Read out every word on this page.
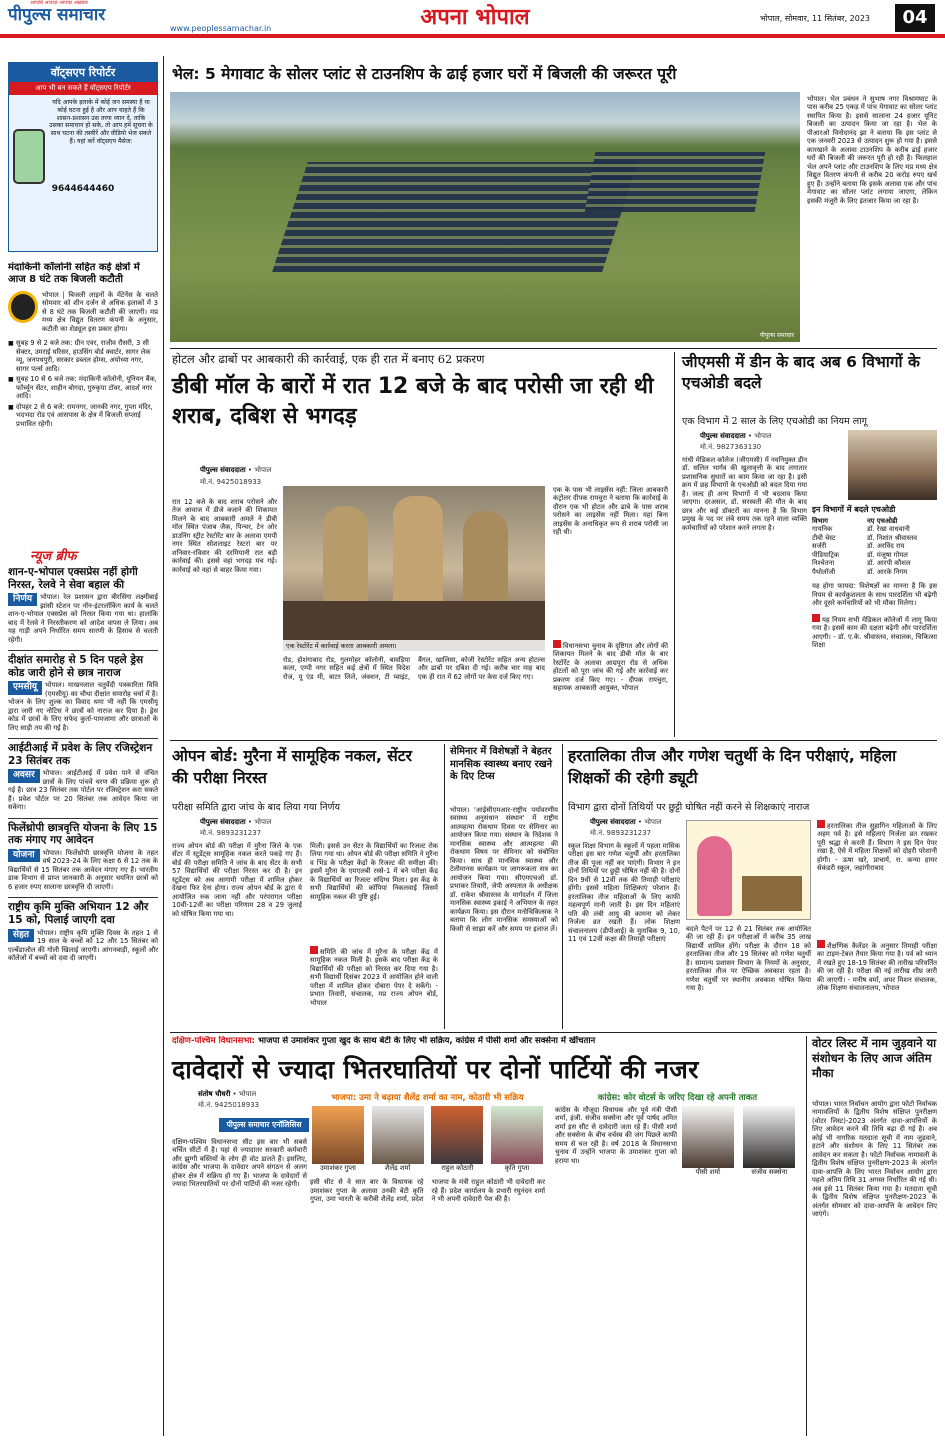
पीपुल्स समाचार
आपकी आवाज़ आपका अख़बार
www.peoplessamachar.in	अपना भोपाल	भोपाल, सोमवार, 11 सितंबर, 2023	04
वॉट्सएप रिपोर्टर
आप भी बन सकते हैं वॉट्सएप रिपोर्टर
यदि आपके इलाके में कोई जन समस्या है या कोई घटना हुई है और आप चाहते हैं कि शासन-प्रशासन उस तरफ ध्यान दे, ताकि उसका समाधान हो सके, तो आप हमें सूचना के साथ घटना की तस्वीरें और वीडियो भेज सकते हैं। यहां करें वॉट्सएप मैसेज:
9644644460
मंदाकिनी कॉलोनी सहित कई क्षेत्रों में आज 8 घंटे तक बिजली कटौती
भोपाल | बिजली लाइनों के मेंटेनेंस के चलते सोमवार को शीन दर्जन से अधिक इलाकों में 3 से 8 घंटे तक बिजली कटौती की जाएगी। मप्र मध्य क्षेत्र विद्युत वितरण कंपनी के अनुसार, कटौती का शेड्यूल इस प्रकार होगा।
■ सुबह 9 से 2 बजे तक: ग्रीन एवर, राजीव रौसरी, 3 सी सेक्टर, उमराई घरिसर, हाउसिंग बोर्ड क्वार्टर, सागर लेक व्यू, जनपथपुरी, सरकार डब्लल होम्स, अयोध्या नगर, सागर पर्ल्स आदि।
■ सुबह 10 से 6 बजे तक: मंदाकिनी कॉलोनी, यूनियन बैंक, फॉर्च्यून सेंटर, शाहीन बोगदा, गुरुकृपा टॉवर, आदर्श नगर आदि।
■ दोपहर 2 से 6 बजे: रामनगर, जानकी नगर, गुप्ता मंदिर, भदभदा रोड एवं आसपास के क्षेत्र में बिजली सप्लाई प्रभावित रहेगी।
न्यूज ब्रीफ
शान-ए-भोपाल एक्सप्रेस नहीं होगी निरस्त, रेलवे ने सेवा बहाल की
निर्णय	भोपाल। रेल प्रशासन द्वारा बीरसिंगा लक्ष्मीबाई झांसी स्टेशन पर नॉन-इंटरलॉकिंग कार्य के चलते शान-ए-भोपाल एक्सप्रेस को निरस्त किया गया था। हालांकि बाद में रेलवे ने निरस्तीकरण को आदेश वापस ले लिया। अब यह गाड़ी अपने निर्धारित समय सारणी के हिसाब से चलती रहेगी।
दीक्षांत समारोह से 5 दिन पहले ड्रेस कोड जारी होने से छात्र नाराज
एमसीयू	भोपाल। माखनलाल चतुर्वेदी पत्रकारिता विवि (एमसीयू) का चौथा दीक्षांत समारोह चर्चा में है। भोजन के लिए शुल्क का विवाद थमा भी नहीं कि एमसीयू द्वारा जारी नए नोटिस ने छात्रों को नाराज कर दिया है। ड्रेस कोड में छात्रों के लिए सफेद कुर्ता-पायजामा और छात्राओं के लिए साड़ी तय की गई है।
आईटीआई में प्रवेश के लिए रजिस्ट्रेशन 23 सितंबर तक
अवसर	भोपाल। आईटीआई में प्रवेश पाने से वंचित छात्रों के लिए पांचवें चरण की प्रक्रिया शुरू हो गई है। छात्र 23 सितंबर तक पोर्टल पर रजिस्ट्रेशन करा सकते हैं। प्रवेश पोर्टल पर 20 सितंबर तक आवेदन किया जा सकेगा।
फिलेंथ्रोपी छात्रवृत्ति योजना के लिए 15 तक मंगाए गए आवेदन
योजना	भोपाल। फिलेंथ्रोपी छात्रवृत्ति योजना के तहत वर्ष 2023-24 के लिए कक्षा 6 से 12 तक के विद्यार्थियों से 15 सितंबर तक आवेदन मंगाए गए हैं। भारतीय डाक विभाग से प्राप्त जानकारी के अनुसार चयनित छात्रों को 6 हजार रुपए सालाना छात्रवृत्ति दी जाएगी।
राष्ट्रीय कृमि मुक्ति अभियान 12 और 15 को, पिलाई जाएगी दवा
सेहत	भोपाल। राष्ट्रीय कृमि मुक्ति दिवस के तहत 1 से 19 साल के बच्चों को 12 और 15 सितंबर को एल्बेंडाजोल की गोली खिलाई जाएगी। आंगनबाड़ी, स्कूलों और कॉलेजों में बच्चों को दवा दी जाएगी।
भेल: 5 मेगावाट के सोलर प्लांट से टाउनशिप के ढाई हजार घरों में बिजली की जरूरत पूरी
पीपुल्स समाचार
भोपाल। भेल प्रबंधन ने सुभाष नगर विश्रामघाट के पास करीब 25 एकड़ में पांच मेगावाट का सोलर प्लांट स्थापित किया है। इससे सालाना 24 हजार यूनिट बिजली का उत्पादन किया जा रहा है। भेल के पीआरओ विनोदानंद झा ने बताया कि इस प्लांट से एक जनवरी 2023 से उत्पादन शुरू हो गया है। इससे कारखाने के अलावा टाउनशिप के करीब ढाई हजार घरों की बिजली की जरूरत पूरी हो रही है। फिलहाल भेल अपने प्लांट और टाउनशिप के लिए मप्र मध्य क्षेत्र विद्युत वितरण कंपनी से करीब 20 करोड़ रुपए खर्च हुए हैं। उन्होंने बताया कि इसके अलावा एक और पांच मेगावाट का सोलर प्लांट लगाया जाएगा, लेकिन इसकी मंजूरी के लिए इंतजार किया जा रहा है।
होटल और ढाबों पर आबकारी की कार्रवाई, एक ही रात में बनाए 62 प्रकरण
डीबी मॉल के बारों में रात 12 बजे के बाद परोसी जा रही थी शराब, दबिश से भगदड़
पीपुल्स संवाददाता • भोपाल
मो.नं. 9425018933
एक रेस्टोरेंट में कार्रवाई करता आबकारी अमला।
रात 12 बजे के बाद शराब परोसने और तेज आवाज में डीजे बजाने की शिकायत मिलने के बाद आबकारी अमले ने डीबी मॉल स्थित पंजाब जैक, पिन्चर, टेन ओर डाउनिंग स्ट्रीट रेस्टोरेंट बार के अलावा एमपी नगर स्थित सोशलाइट रेस्टरां बार पर शनिवार-रविवार की दरमियानी रात बड़ी कार्रवाई की। इससे वहां भगदड़ मच गई। कार्रवाई को वहां से बाहर किया गया।
रोड, होशंगाबाद रोड, गुलमोहर कॉलोनी, बावड़िया कला, एम्पी नगर सहित कई क्षेत्रों में स्थित विदेश रोज, यू एंड मी, बाटर लिले, जंक्शन, टी प्वाइंट, बैंगल, खालिसा, कोजी रेस्टोरेंट सहित अन्य होटल्स और ढाबों पर दबिश दी गई। करीब चार माह बाद एक ही रात में 62 लोगों पर केस दर्ज किए गए।
एक के पास भी लाइसेंस नहीं: जिला आबकारी कंट्रोलर दीपक रायचुरा ने बताया कि कार्रवाई के दौरान एक भी होटल और ढाबे के पास शराब परोसने का लाइसेंस नहीं मिला। यहां बिना लाइसेंस के अनाधिकृत रूप से शराब परोसी जा रही थी।
विधानसभा चुनाव के दृष्टिगत और लोगों की शिकायत मिलने के बाद डीबी मॉल के बार रेस्टोरेंट के अलावा आम्रपूरा रोड से अधिक होटलों को पूरा जांच की गई और कार्रवाई कर प्रकरण दर्ज किए गए। - दीपक रायचुरा, सहायक आबकारी आयुक्त, भोपाल
जीएमसी में डीन के बाद अब 6 विभागों के एचओडी बदले
एक विभाग में 2 साल के लिए एचओडी का नियम लागू
पीपुल्स संवाददाता • भोपाल
मो.नं. 9827363130
गांधी मेडिकल कॉलेज (जीएमसी) में नवनियुक्त डीन डॉ. सलिल भार्गव की खुलावृत्ती के बाद लगातार प्रशासनिक सुधारों का काम किया जा रहा है। इसी क्रम में छह विभागों के एचओडी को बदल दिया गया है। जल्द ही अन्य विभागों में भी बदलाव किया जाएगा। दरअसल, डॉ. सरस्वती की मौत के बाद छात्र और कई डॉक्टरों का मानना है कि विभाग प्रमुख के पद पर लंबे समय तक रहने वाला व्यक्ति कर्मचारियों को परेशान करने लगता है।
इन विभागों में बदले एचओडी
विभाग	नए एचओडी
गायनिक	डॉ. रेखा वाधवानी
टीबी चेस्ट	डॉ. निशांत श्रीवास्तव
सर्जरी	डॉ. अरविंद राय
पीडियाट्रिक	डॉ. मंजूषा गोयल
निश्चेतना	डॉ. आरपी कौशल
पैथोलॉजी	डॉ. आरके निगम
यह होगा फायदा: विशेषज्ञों का मानना है कि इस नियम से कार्यकुशलता के साथ पारदर्शिता भी बढ़ेगी और दूसरे कर्मचारियों को भी मौका मिलेगा।
यह नियम सभी मेडिकल कॉलेजों में लागू किया गया है। इससे काम की दक्षता बढ़ेगी और पारदर्शिता आएगी। - डॉ. ए.के. श्रीवास्तव, संचालक, चिकित्सा शिक्षा
ओपन बोर्ड: मुरैना में सामूहिक नकल, सेंटर की परीक्षा निरस्त
परीक्षा समिति द्वारा जांच के बाद लिया गया निर्णय
पीपुल्स संवाददाता • भोपाल
मो.नं. 9893231237
राज्य ओपन बोर्ड की परीक्षा में मुरैना जिले के एक सेंटर में स्टूडेंट्स सामूहिक नकल करते पकड़े गए हैं। बोर्ड की परीक्षा समिति ने जांच के बाद सेंटर के सभी 57 विद्यार्थियों की परीक्षा निरस्त कर दी है। इन स्टूडेंट्स को अब आगामी परीक्षा में शामिल होकर देखना फिर देना होगा। राज्य ओपन बोर्ड के द्वारा ये आयोजित रुक जाना नहीं और परंपरागत परीक्षा 10वीं-12वीं का परीक्षा परिणाम 28 व 29 जुलाई को घोषित किया गया था।
मिली। इससे उन सेंटर के विद्यार्थियों का रिजल्ट रोक लिया गया था। ओपन बोर्ड की परीक्षा समिति ने मुरैना व भिंड के परीक्षा केंद्रों के रिजल्ट की समीक्षा की। इसमें मुरैना के एमएलबी रस्से-1 में बने परीक्षा केंद्र के विद्यार्थियों का रिजल्ट संदिग्ध मिला। इस केंद्र के सभी विद्यार्थियों की कॉपियां निकलवाई जिसमें सामूहिक नकल की पुष्टि हुई।
समिति की जांच में मुरैना के परीक्षा केंद्र में सामूहिक नकल मिली है। इसके बाद परीक्षा केंद्र के विद्यार्थियों की परीक्षा को निरस्त कर दिया गया है। सभी विद्यार्थी दिसंबर 2023 में आयोजित होने वाली परीक्षा में शामिल होकर दोबारा पेपर दे सकेंगे। - प्रभात तिवारी, संचालक, मप्र राज्य ओपन बोर्ड, भोपाल
सेमिनार में विशेषज्ञों ने बेहतर मानसिक स्वास्थ्य बनाए रखने के दिए टिप्स
भोपाल। 'आईसीएमआर-राष्ट्रीय पर्यावरणीय स्वास्थ्य अनुसंधान संस्थान' में राष्ट्रीय आत्महत्या रोकथाम दिवस पर सेमिनार का आयोजन किया गया। संस्थान के निदेशक ने मानसिक स्वास्थ्य और आत्महत्या की रोकथाम विषय पर सेमिनार को संबोधित किया। साथ ही मानसिक स्वास्थ्य और टेलीमानस कार्यक्रम पर जागरूकता सत्र का आयोजन किया गया। सीएमएचओ डॉ. प्रभाकर तिवारी, जेपी अस्पताल के अधीक्षक डॉ. राकेश श्रीवास्तव के मार्गदर्शन में जिला मानसिक स्वास्थ्य इकाई ने अभियान के तहत कार्यक्रम किया। इस दौरान मनोचिकित्सक ने बताया कि लोग मानसिक समस्याओं को किसी से साझा करें और समय पर इलाज लें।
हरतालिका तीज और गणेश चतुर्थी के दिन परीक्षाएं, महिला शिक्षकों की रहेगी ड्यूटी
विभाग द्वारा दोनों तिथियों पर छुट्टी घोषित नहीं करने से शिक्षकाएं नाराज
पीपुल्स संवाददाता • भोपाल
मो.नं. 9893231237
स्कूल शिक्षा विभाग के स्कूलों में पहला मासिक परीक्षा इस बार गणेश चतुर्थी और हरतालिका तीज की पूजा नहीं कर पाएंगी। विभाग ने इन दोनों तिथियों पर छुट्टी घोषित नहीं की है। दोनों दिन 9वीं से 12वीं तक की तिमाही परीक्षाएं होंगी। इससे महिला शिक्षिकाएं परेशान हैं। हरतालिका तीज महिलाओं के लिए काफी महत्वपूर्ण मानी जाती है। इस दिन महिलाएं पति की लंबी आयु की कामना को लेकर निर्जला व्रत रखती हैं। लोक शिक्षण संचालनालय (डीपीआई) के मुताबिक 9, 10, 11 एवं 12वीं कक्षा की तिमाही परीक्षाएं
बदले पैटर्न पर 12 से 21 सितंबर तक आयोजित की जा रही हैं। इन परीक्षाओं में करीब 35 लाख विद्यार्थी शामिल होंगे। परीक्षा के दौरान 18 को हरतालिका तीज और 19 सितंबर को गणेश चतुर्थी है। सामान्य प्रशासन विभाग के नियमों के अनुसार, हरतालिका तीज पर ऐच्छिक अवकाश रहता है। गणेश चतुर्थी पर स्थानीय अवकाश घोषित किया गया है।
हरतालिका तीज सुहागिन महिलाओं के लिए अहम पर्व है। इसे महिलाएं निर्जला व्रत रखकर पूरी श्रद्धा से करती हैं। विभाग ने इस दिन पेपर रखा है, ऐसे में महिला शिक्षकों को दोहरी परेशानी होगी। - ऊषा खरे, प्राचार्य, रा. कन्या हायर सेकंडरी स्कूल, जहांगीराबाद
शैक्षणिक कैलेंडर के अनुसार तिमाही परीक्षा का टाइम-टेबल तैयार किया गया है। पर्व को ध्यान में रखते हुए 18-19 सितंबर की तारीख परिवर्तित की जा रही है। परीक्षा की नई तारीख शीघ्र जारी की जाएगी। - मनीष वर्मा, अपर मिशन संचालक, लोक शिक्षण संचालनालय, भोपाल
दक्षिण-पश्चिम विधानसभा: भाजपा से उमाशंकर गुप्ता खुद के साथ बेटी के लिए भी सक्रिय, कांग्रेस में पीसी शर्मा और सक्सेना में खींचतान
दावेदारों से ज्यादा भितरघातियों पर दोनों पार्टियों की नजर
संतोष चौधरी • भोपाल
मो.नं. 9425018933
पीपुल्स समाचार एनॉलिसिस
दक्षिण-पश्चिम विधानसभा सीट इस बार भी सबसे चर्चित सीटों में है। यहां से ज्यादातर सरकारी कर्मचारी और झुग्गी बस्तियों के लोग ही वोट डालते हैं। इसलिए, कांग्रेस और भाजपा के दावेदार अपने संगठन से अलग होकर क्षेत्र में सक्रिय हो गए हैं। भाजपा के दावेदारों से ज्यादा भितरघातियों पर दोनों पार्टियों की नजर रहेगी।
भाजपा: उमा ने बढ़ाया शैलेंद्र शर्मा का नाम, कोठारी भी सक्रिय
उमाशंकर गुप्ता	शैलेंद्र शर्मा	राहुल कोठारी	कृति गुप्ता
इसी सीट से वे सात बार के विधायक रहे उमाशंकर गुप्ता के अलावा उनकी बेटी कृति गुप्ता, उमा भारती के करीबी शैलेंद्र शर्मा, प्रदेश भाजपा के मंत्री राहुल कोठारी भी दावेदारी कर रहे हैं। प्रदेश कार्यालय के प्रभारी रघुनंदन शर्मा ने भी अपनी दावेदारी पेश की है।
कांग्रेस: कोर वोटर्स के जरिए दिखा रहे अपनी ताकत
कांग्रेस के मौजूदा विधायक और पूर्व मंत्री पीसी शर्मा, इंजी. संजीव सक्सेना और पूर्व पार्षद अमित शर्मा इस सीट से दावेदारी जता रहे हैं। पीसी शर्मा और सक्सेना के बीच वर्चस्व की जंग पिछले काफी समय से चल रही है। वर्ष 2018 के विधानसभा चुनाव में उन्होंने भाजपा के उमाशंकर गुप्ता को हराया था।
पीसी शर्मा	संजीव सक्सेना
वोटर लिस्ट में नाम जुड़वाने या संशोधन के लिए आज अंतिम मौका
भोपाल। भारत निर्वाचन आयोग द्वारा फोटो निर्वाचक नामावलियों के द्वितीय विशेष संक्षिप्त पुनरीक्षण (वोटर लिस्ट)-2023 अंतर्गत दावा-आपत्तियों के लिए आवेदन करने की तिथि बढ़ा दी गई है। अब कोई भी नागरिक मतदाता सूची में नाम जुड़वाने, हटाने और संशोधन के लिए 11 सितंबर तक आवेदन कर सकता है। फोटो निर्वाचक नामावली के द्वितीय विशेष संक्षिप्त पुनरीक्षण-2023 के अंतर्गत दावा-आपत्ति के लिए भारत निर्वाचन आयोग द्वारा पहले अंतिम तिथि 31 अगस्त निर्धारित की गई थी। अब इसे 11 सितंबर किया गया है। मतदाता सूची के द्वितीय विशेष संक्षिप्त पुनरीक्षण-2023 के अंतर्गत सोमवार को दावा-आपत्ति के आवेदन लिए जाएंगे।
